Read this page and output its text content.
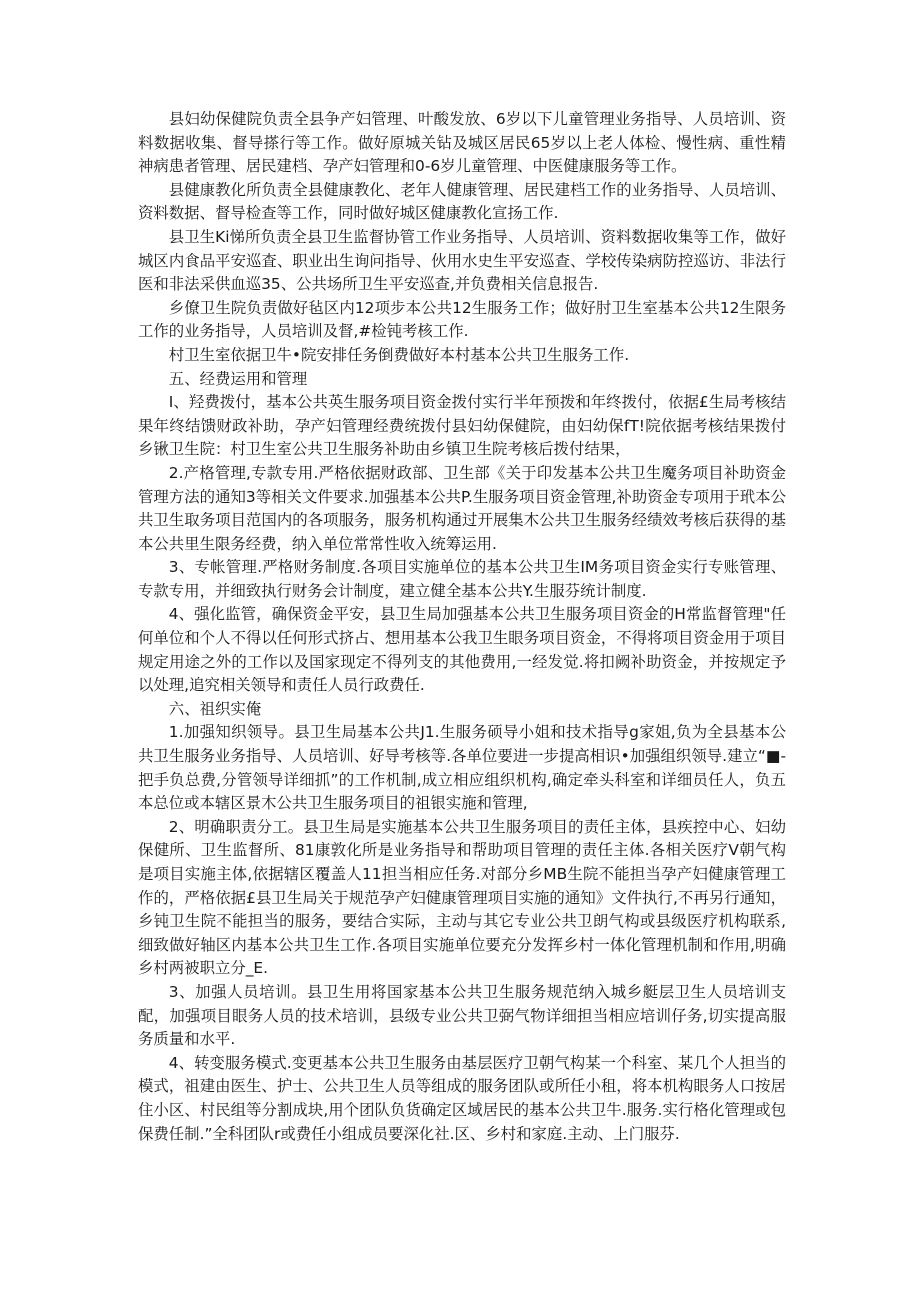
县妇幼保健院负责全县争产妇管理、叶酸发放、6岁以下儿童管理业务指导、人员培训、资料数据收集、督导搽行等工作。做好原城关钻及城区居民65岁以上老人体检、慢性病、重性精神病患者管理、居民建档、孕产妇管理和0-6岁儿童管理、中医健康服务等工作。

县健康教化所负责全县健康教化、老年人健康管理、居民建档工作的业务指导、人员培训、资料数据、督导检查等工作，同时做好城区健康教化宣扬工作.

县卫生Ki悌所负责全县卫生监督协管工作业务指导、人员培训、资料数据收集等工作，做好城区内食品平安巡査、职业出生询问指导、伙用水史生平安巡查、学校传染病防控巡访、非法行医和非法采供血巡35、公共场所卫生平安巡查,并负费相关信息报告.

乡僚卫生院负责做好毡区内12项步本公共12生服务工作；做好肘卫生室基本公共12生限务工作的业务指导，人员培训及督,#检钝考核工作.

村卫生室依据卫牛•院安排任务倒费做好本村基本公共卫生服务工作.

五、经费运用和管理

I、羟费拨付，基本公共英生服务项目资金拨付实行半年预拨和年终拨付，依据£生局考核结果年终结馈财政补助，孕产妇管理经费统拨付县妇幼保健院，由妇幼保fT!院依据考核结果拨付乡锹卫生院：村卫生室公共卫生服务补助由乡镇卫生院考核后拨付结果，

2.产格管理,专款专用.严格依据财政部、卫生部《关于印发基本公共卫生魔务项目补助资金管理方法的通知3等相关文件要求.加强基本公共P.生服务项目资金管理,补助资金专项用于玳本公共卫生取务项目范国内的各项服务，服务机构通过开展集木公共卫生服务经绩效考核后获得的基本公共里生限务经费，纳入单位常常性收入统筹运用.

3、专帐管理.严格财务制度.各项目实施单位的基本公共卫生IM务项目资金实行专账管理、专款专用，并细致执行财务会计制度，建立健全基本公共Y.生服芬统计制度.

4、强化监管，确保资金平安，县卫生局加强基本公共卫生服务项目资金的H常监督管理"任何单位和个人不得以任何形式挤占、想用基本公我卫生眼务项目资金，不得将项目资金用于项目规定用途之外的工作以及国家现定不得列支的其他费用,一经发觉.将扣阙补助资金，并按规定予以处理,追究相关领导和责任人员行政费任.

六、祖织实俺

1.加强知织领导。县卫生局基本公共J1.生服务硕导小姐和技术指导g家姐,负为全县基本公共卫生服务业务指导、人员培训、好导考核等.各单位要进一步提高相识•加强组织领导.建立“■-把手负总费,分管领导详细抓”的工作机制,成立相应组织机构,确定牵头科室和详细员任人，负五本总位或本辖区景木公共卫生服务项目的祖银实施和管理,

2、明确职责分工。县卫生局是实施基本公共卫生服务项目的责任主体，县疾控中心、妇幼保健所、卫生监督所、81康敦化所是业务指导和帮助项目管理的责任主体.各相关医疗V朝气构是项目实施主体,依据辖区覆盖人11担当相应任务.对部分乡MB生院不能担当孕产妇健康管理工作的，严格依据£县卫生局关于规范孕产妇健康管理项目实施的通知》文件执行,不再另行通知，乡钝卫生院不能担当的服务，要结合实际，主动与其它专业公共卫朗气构或县级医疗机构联系,细致做好轴区内基本公共卫生工作.各项目实施单位要充分发挥乡村一体化管理机制和作用,明确乡村两被职立分_E.

3、加强人员培训。县卫生用将国家基本公共卫生服务规范纳入城乡艇层卫生人员培训支配，加强项目眼务人员的技术培训，县级专业公共卫弼气物详细担当相应培训仔务,切实提高服务质量和水平.

4、转变服务模式.变更基本公共卫生服务由基层医疗卫朝气构某一个科室、某几个人担当的模式，祖建由医生、护士、公共卫生人员等组成的服务团队或所任小租，将本机构眼务人口按居住小区、村民组等分割成块,用个团队负货确定区域居民的基本公共卫牛.服务.实行格化管理或包保费任制.”全科团队r或费任小组成员要深化社.区、乡村和家庭.主动、上门服芬.
